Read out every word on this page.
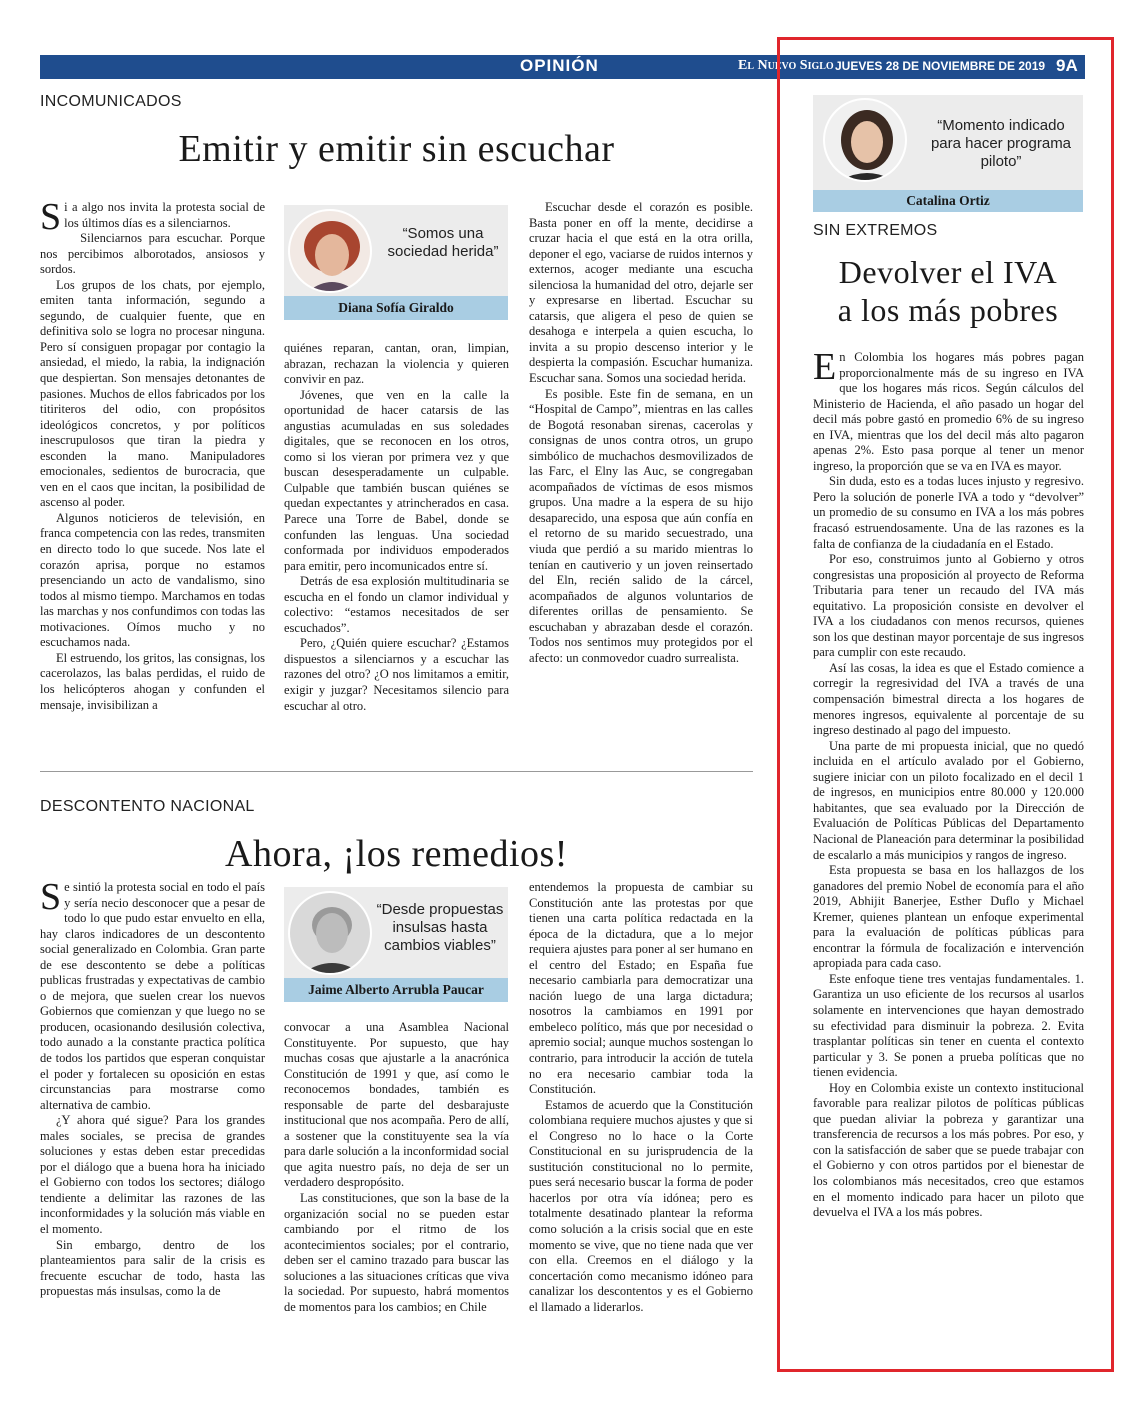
OPINIÓN	El Nuevo Siglo JUEVES 28 DE NOVIEMBRE DE 2019 9A
INCOMUNICADOS
Emitir y emitir sin escuchar

Si a algo nos invita la protesta social de los últimos días es a silenciarnos.

Silenciarnos para escuchar. Porque nos percibimos alborotados, ansiosos y sordos.

Los grupos de los chats, por ejemplo, emiten tanta información, segundo a segundo, de cualquier fuente, que en definitiva solo se logra no procesar ninguna. Pero sí consiguen propagar por contagio la ansiedad, el miedo, la rabia, la indignación que despiertan. Son mensajes detonantes de pasiones. Muchos de ellos fabricados por los titiriteros del odio, con propósitos ideológicos concretos, y por políticos inescrupulosos que tiran la piedra y esconden la mano. Manipuladores emocionales, sedientos de burocracia, que ven en el caos que incitan, la posibilidad de ascenso al poder.

Algunos noticieros de televisión, en franca competencia con las redes, transmiten en directo todo lo que sucede. Nos late el corazón aprisa, porque no estamos presenciando un acto de vandalismo, sino todos al mismo tiempo. Marchamos en todas las marchas y nos confundimos con todas las motivaciones. Oímos mucho y no escuchamos nada.

El estruendo, los gritos, las consignas, los cacerolazos, las balas perdidas, el ruido de los helicópteros ahogan y confunden el mensaje, invisibilizan a

“Somos una sociedad herida”
Diana Sofía Giraldo

quiénes reparan, cantan, oran, limpian, abrazan, rechazan la violencia y quieren convivir en paz.

Jóvenes, que ven en la calle la oportunidad de hacer catarsis de las angustias acumuladas en sus soledades digitales, que se reconocen en los otros, como si los vieran por primera vez y que buscan desesperadamente un culpable. Culpable que también buscan quiénes se quedan expectantes y atrincherados en casa. Parece una Torre de Babel, donde se confunden las lenguas. Una sociedad conformada por individuos empoderados para emitir, pero incomunicados entre sí.

Detrás de esa explosión multitudinaria se escucha en el fondo un clamor individual y colectivo: “estamos necesitados de ser escuchados”.

Pero, ¿Quién quiere escuchar? ¿Estamos dispuestos a silenciarnos y a escuchar las razones del otro? ¿O nos limitamos a emitir, exigir y juzgar? Necesitamos silencio para escuchar al otro.

Escuchar desde el corazón es posible. Basta poner en off la mente, decidirse a cruzar hacia el que está en la otra orilla, deponer el ego, vaciarse de ruidos internos y externos, acoger mediante una escucha silenciosa la humanidad del otro, dejarle ser y expresarse en libertad. Escuchar su catarsis, que aligera el peso de quien se desahoga e interpela a quien escucha, lo invita a su propio descenso interior y le despierta la compasión. Escuchar humaniza. Escuchar sana. Somos una sociedad herida.

Es posible. Este fin de semana, en un “Hospital de Campo”, mientras en las calles de Bogotá resonaban sirenas, cacerolas y consignas de unos contra otros, un grupo simbólico de muchachos desmovilizados de las Farc, el Elny las Auc, se congregaban acompañados de víctimas de esos mismos grupos. Una madre a la espera de su hijo desaparecido, una esposa que aún confía en el retorno de su marido secuestrado, una viuda que perdió a su marido mientras lo tenían en cautiverio y un joven reinsertado del Eln, recién salido de la cárcel, acompañados de algunos voluntarios de diferentes orillas de pensamiento. Se escuchaban y abrazaban desde el corazón. Todos nos sentimos muy protegidos por el afecto: un conmovedor cuadro surrealista.

DESCONTENTO NACIONAL
Ahora, ¡los remedios!

Se sintió la protesta social en todo el país y sería necio desconocer que a pesar de todo lo que pudo estar envuelto en ella, hay claros indicadores de un descontento social generalizado en Colombia. Gran parte de ese descontento se debe a políticas publicas frustradas y expectativas de cambio o de mejora, que suelen crear los nuevos Gobiernos que comienzan y que luego no se producen, ocasionando desilusión colectiva, todo aunado a la constante practica política de todos los partidos que esperan conquistar el poder y fortalecen su oposición en estas circunstancias para mostrarse como alternativa de cambio.

¿Y ahora qué sigue? Para los grandes males sociales, se precisa de grandes soluciones y estas deben estar precedidas por el diálogo que a buena hora ha iniciado el Gobierno con todos los sectores; diálogo tendiente a delimitar las razones de las inconformidades y la solución más viable en el momento.

Sin embargo, dentro de los planteamientos para salir de la crisis es frecuente escuchar de todo, hasta las propuestas más insulsas, como la de

“Desde propuestas insulsas hasta cambios viables”
Jaime Alberto Arrubla Paucar

convocar a una Asamblea Nacional Constituyente. Por supuesto, que hay muchas cosas que ajustarle a la anacrónica Constitución de 1991 y que, así como le reconocemos bondades, también es responsable de parte del desbarajuste institucional que nos acompaña. Pero de allí, a sostener que la constituyente sea la vía para darle solución a la inconformidad social que agita nuestro país, no deja de ser un verdadero despropósito.

Las constituciones, que son la base de la organización social no se pueden estar cambiando por el ritmo de los acontecimientos sociales; por el contrario, deben ser el camino trazado para buscar las soluciones a las situaciones críticas que viva la sociedad. Por supuesto, habrá momentos de momentos para los cambios; en Chile

entendemos la propuesta de cambiar su Constitución ante las protestas por que tienen una carta política redactada en la época de la dictadura, que a lo mejor requiera ajustes para poner al ser humano en el centro del Estado; en España fue necesario cambiarla para democratizar una nación luego de una larga dictadura; nosotros la cambiamos en 1991 por embeleco político, más que por necesidad o apremio social; aunque muchos sostengan lo contrario, para introducir la acción de tutela no era necesario cambiar toda la Constitución.

Estamos de acuerdo que la Constitución colombiana requiere muchos ajustes y que si el Congreso no lo hace o la Corte Constitucional en su jurisprudencia de la sustitución constitucional no lo permite, pues será necesario buscar la forma de poder hacerlos por otra vía idónea; pero es totalmente desatinado plantear la reforma como solución a la crisis social que en este momento se vive, que no tiene nada que ver con ella. Creemos en el diálogo y la concertación como mecanismo idóneo para canalizar los descontentos y es el Gobierno el llamado a liderarlos.

“Momento indicado para hacer programa piloto”
Catalina Ortiz
SIN EXTREMOS
Devolver el IVA
a los más pobres

En Colombia los hogares más pobres pagan proporcionalmente más de su ingreso en IVA que los hogares más ricos. Según cálculos del Ministerio de Hacienda, el año pasado un hogar del decil más pobre gastó en promedio 6% de su ingreso en IVA, mientras que los del decil más alto pagaron apenas 2%. Esto pasa porque al tener un menor ingreso, la proporción que se va en IVA es mayor.

Sin duda, esto es a todas luces injusto y regresivo. Pero la solución de ponerle IVA a todo y “devolver” un promedio de su consumo en IVA a los más pobres fracasó estruendosamente. Una de las razones es la falta de confianza de la ciudadanía en el Estado.

Por eso, construimos junto al Gobierno y otros congresistas una proposición al proyecto de Reforma Tributaria para tener un recaudo del IVA más equitativo. La proposición consiste en devolver el IVA a los ciudadanos con menos recursos, quienes son los que destinan mayor porcentaje de sus ingresos para cumplir con este recaudo.

Así las cosas, la idea es que el Estado comience a corregir la regresividad del IVA a través de una compensación bimestral directa a los hogares de menores ingresos, equivalente al porcentaje de su ingreso destinado al pago del impuesto.

Una parte de mi propuesta inicial, que no quedó incluida en el artículo avalado por el Gobierno, sugiere iniciar con un piloto focalizado en el decil 1 de ingresos, en municipios entre 80.000 y 120.000 habitantes, que sea evaluado por la Dirección de Evaluación de Políticas Públicas del Departamento Nacional de Planeación para determinar la posibilidad de escalarlo a más municipios y rangos de ingreso.

Esta propuesta se basa en los hallazgos de los ganadores del premio Nobel de economía para el año 2019, Abhijit Banerjee, Esther Duflo y Michael Kremer, quienes plantean un enfoque experimental para la evaluación de políticas públicas para encontrar la fórmula de focalización e intervención apropiada para cada caso.

Este enfoque tiene tres ventajas fundamentales. 1. Garantiza un uso eficiente de los recursos al usarlos solamente en intervenciones que hayan demostrado su efectividad para disminuir la pobreza. 2. Evita trasplantar políticas sin tener en cuenta el contexto particular y 3. Se ponen a prueba políticas que no tienen evidencia.

Hoy en Colombia existe un contexto institucional favorable para realizar pilotos de políticas públicas que puedan aliviar la pobreza y garantizar una transferencia de recursos a los más pobres. Por eso, y con la satisfacción de saber que se puede trabajar con el Gobierno y con otros partidos por el bienestar de los colombianos más necesitados, creo que estamos en el momento indicado para hacer un piloto que devuelva el IVA a los más pobres.
